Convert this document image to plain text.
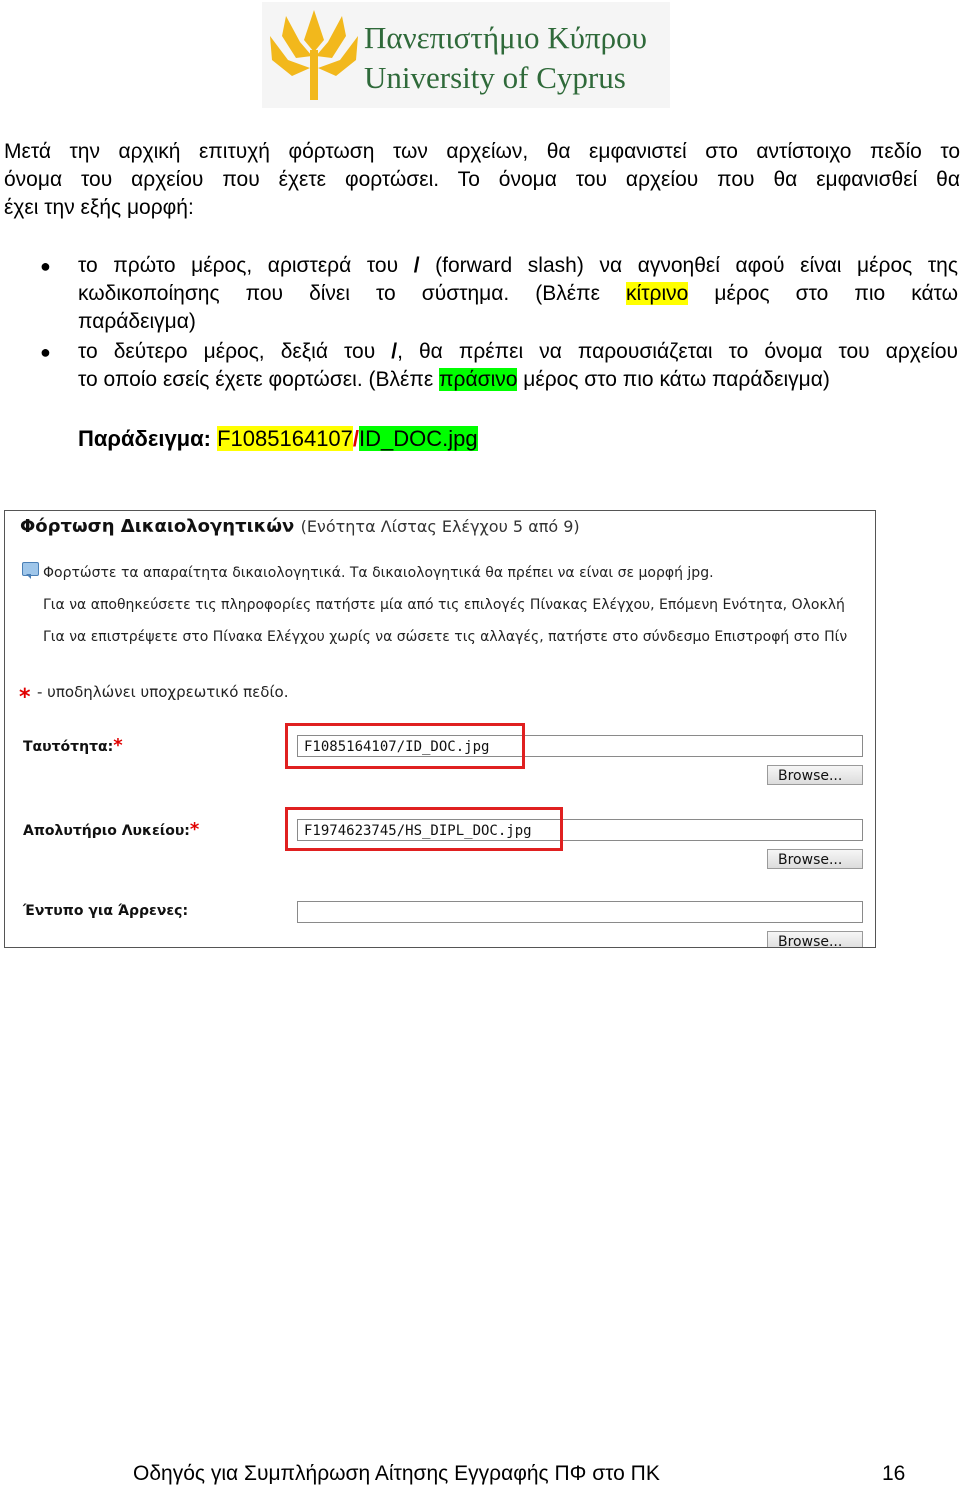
Πανεπιστήμιο Κύπρου
University of Cyprus
Μετά την αρχική επιτυχή φόρτωση των αρχείων, θα εμφανιστεί στο αντίστοιχο πεδίο το
όνομα του αρχείου που έχετε φορτώσει. Το όνομα του αρχείου που θα εμφανισθεί θα
έχει την εξής μορφή:
● το πρώτο μέρος, αριστερά του / (forward slash) να αγνοηθεί αφού είναι μέρος της
κωδικοποίησης που δίνει το σύστημα. (Βλέπε κίτρινο μέρος στο πιο κάτω
παράδειγμα)
● το δεύτερο μέρος, δεξιά του /, θα πρέπει να παρουσιάζεται το όνομα του αρχείου
το οποίο εσείς έχετε φορτώσει. (Βλέπε πράσινο μέρος στο πιο κάτω παράδειγμα)
Παράδειγμα: F1085164107/ID_DOC.jpg
Φόρτωση Δικαιολογητικών (Ενότητα Λίστας Ελέγχου 5 από 9)
Φορτώστε τα απαραίτητα δικαιολογητικά. Τα δικαιολογητικά θα πρέπει να είναι σε μορφή jpg.
Για να αποθηκεύσετε τις πληροφορίες πατήστε μία από τις επιλογές Πίνακας Ελέγχου, Επόμενη Ενότητα, Ολοκλή
Για να επιστρέψετε στο Πίνακα Ελέγχου χωρίς να σώσετε τις αλλαγές, πατήστε στο σύνδεσμο Επιστροφή στο Πίν
* - υποδηλώνει υποχρεωτικό πεδίο.
Ταυτότητα:*	F1085164107/ID_DOC.jpg
Browse...
Απολυτήριο Λυκείου:*	F1974623745/HS_DIPL_DOC.jpg
Browse...
Έντυπο για Άρρενες:
Browse...
Οδηγός για Συμπλήρωση Αίτησης Εγγραφής ΠΦ στο ΠΚ	16
